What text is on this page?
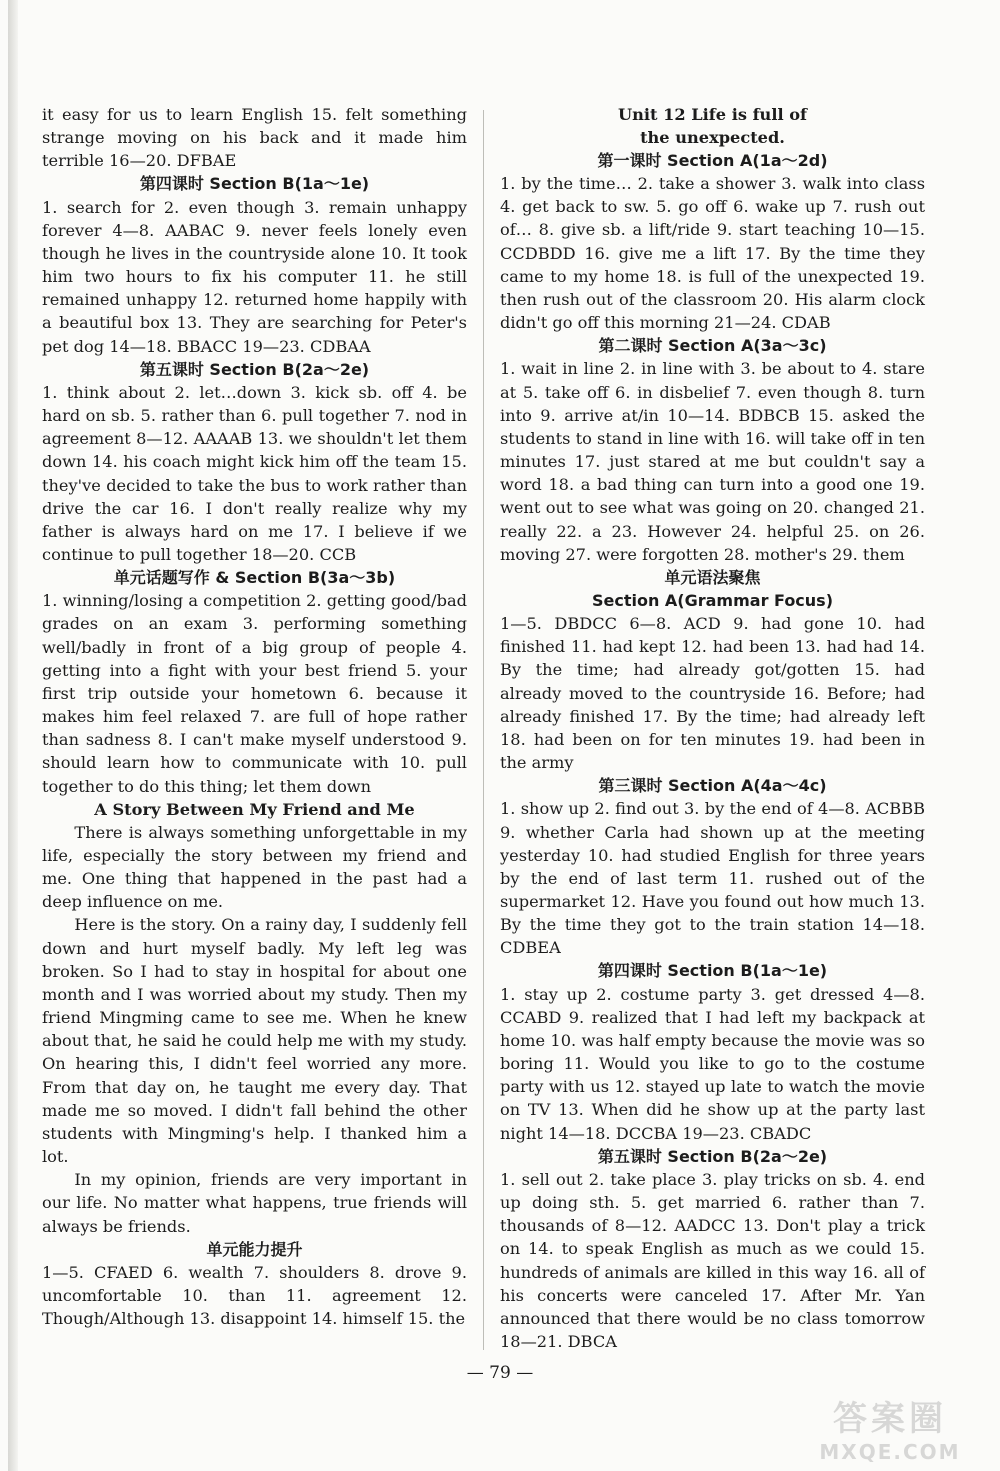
it easy for us to learn English 15. felt something strange moving on his back and it made him terrible 16—20. DFBAE
第四课时 Section B(1a～1e)
1. search for 2. even though 3. remain unhappy forever 4—8. AABAC 9. never feels lonely even though he lives in the countryside alone 10. It took him two hours to fix his computer 11. he still remained unhappy 12. returned home happily with a beautiful box 13. They are searching for Peter's pet dog 14—18. BBACC 19—23. CDBAA
第五课时 Section B(2a～2e)
1. think about 2. let…down 3. kick sb. off 4. be hard on sb. 5. rather than 6. pull together 7. nod in agreement 8—12. AAAAB 13. we shouldn't let them down 14. his coach might kick him off the team 15. they've decided to take the bus to work rather than drive the car 16. I don't really realize why my father is always hard on me 17. I believe if we continue to pull together 18—20. CCB
单元话题写作 & Section B(3a～3b)
1. winning/losing a competition 2. getting good/bad grades on an exam 3. performing something well/badly in front of a big group of people 4. getting into a fight with your best friend 5. your first trip outside your hometown 6. because it makes him feel relaxed 7. are full of hope rather than sadness 8. I can't make myself understood 9. should learn how to communicate with 10. pull together to do this thing; let them down
A Story Between My Friend and Me
There is always something unforgettable in my life, especially the story between my friend and me. One thing that happened in the past had a deep influence on me.
Here is the story. On a rainy day, I suddenly fell down and hurt myself badly. My left leg was broken. So I had to stay in hospital for about one month and I was worried about my study. Then my friend Mingming came to see me. When he knew about that, he said he could help me with my study. On hearing this, I didn't feel worried any more. From that day on, he taught me every day. That made me so moved. I didn't fall behind the other students with Mingming's help. I thanked him a lot.
In my opinion, friends are very important in our life. No matter what happens, true friends will always be friends.
单元能力提升
1—5. CFAED 6. wealth 7. shoulders 8. drove 9. uncomfortable 10. than 11. agreement 12. Though/Although 13. disappoint 14. himself 15. the
Unit 12 Life is full of
the unexpected.
第一课时 Section A(1a～2d)
1. by the time… 2. take a shower 3. walk into class 4. get back to sw. 5. go off 6. wake up 7. rush out of… 8. give sb. a lift/ride 9. start teaching 10—15. CCDBDD 16. give me a lift 17. By the time they came to my home 18. is full of the unexpected 19. then rush out of the classroom 20. His alarm clock didn't go off this morning 21—24. CDAB
第二课时 Section A(3a～3c)
1. wait in line 2. in line with 3. be about to 4. stare at 5. take off 6. in disbelief 7. even though 8. turn into 9. arrive at/in 10—14. BDBCB 15. asked the students to stand in line with 16. will take off in ten minutes 17. just stared at me but couldn't say a word 18. a bad thing can turn into a good one 19. went out to see what was going on 20. changed 21. really 22. a 23. However 24. helpful 25. on 26. moving 27. were forgotten 28. mother's 29. them
单元语法聚焦
Section A(Grammar Focus)
1—5. DBDCC 6—8. ACD 9. had gone 10. had finished 11. had kept 12. had been 13. had had 14. By the time; had already got/gotten 15. had already moved to the countryside 16. Before; had already finished 17. By the time; had already left 18. had been on for ten minutes 19. had been in the army
第三课时 Section A(4a～4c)
1. show up 2. find out 3. by the end of 4—8. ACBBB 9. whether Carla had shown up at the meeting yesterday 10. had studied English for three years by the end of last term 11. rushed out of the supermarket 12. Have you found out how much 13. By the time they got to the train station 14—18. CDBEA
第四课时 Section B(1a～1e)
1. stay up 2. costume party 3. get dressed 4—8. CCABD 9. realized that I had left my backpack at home 10. was half empty because the movie was so boring 11. Would you like to go to the costume party with us 12. stayed up late to watch the movie on TV 13. When did he show up at the party last night 14—18. DCCBA 19—23. CBADC
第五课时 Section B(2a～2e)
1. sell out 2. take place 3. play tricks on sb. 4. end up doing sth. 5. get married 6. rather than 7. thousands of 8—12. AADCC 13. Don't play a trick on 14. to speak English as much as we could 15. hundreds of animals are killed in this way 16. all of his concerts were canceled 17. After Mr. Yan announced that there would be no class tomorrow 18—21. DBCA
— 79 —
答案圈
MXQE.COM
